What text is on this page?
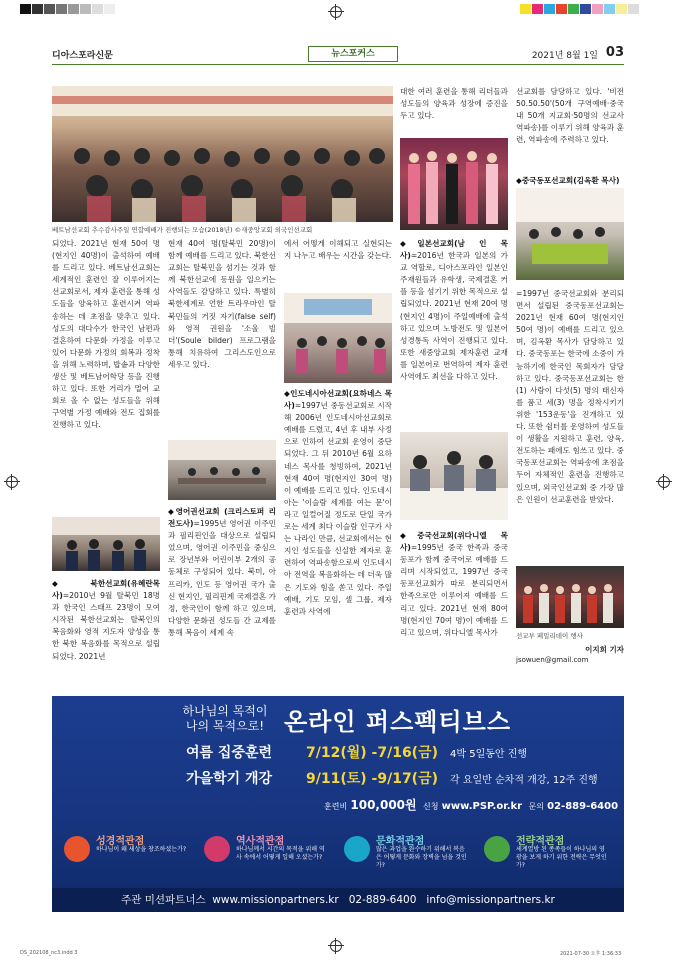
디아스포라신문	뉴스포커스	2021년 8월 1일 03
베트남선교회 추수감사주일 연합예배가 진행되는 모습(2018년) ©새중앙교회 외국인선교회
되었다. 2021년 현재 50여 명(현지인 40명)이 출석하여 예배를 드리고 있다. 베트남선교회는 세계적인 훈련인 잘 이루어지는 선교회로서, 제자 훈련을 통해 성도들을 양육하고 훈련시켜 역파송하는 데 초점을 맞추고 있다. 성도의 대다수가 한국인 남편과 결혼하여 다문화 가정을 이루고 있어 다문화 가정의 회복과 정착을 위해 노력하며, 밥솥과 다양한 생산 및 베트남어학당 등을 진행하고 있다. 또한 거리가 멀어 교회로 올 수 없는 성도들을 위해 구역별 가정 예배와 전도 집회를 진행하고 있다.
◆북한선교회(유혜란목사)=2010년 9월 탈북민 18명과 한국인 스태프 23명이 모여 시작된 북한선교회는 탈북인의 복음화와 영적 지도자 양성을 통한 북한 복음화를 목적으로 설립되었다. 2021년
현재 40여 명(탈북민 20명)이 함께 예배를 드리고 있다. 북한선교회는 탈북민을 섬기는 것과 함께 북한선교에 동원을 일으키는 사역들도 감당하고 있다. 특별히 북한세계로 언한 트라우마인 탈북민들의 거짓 자기(false self)와 영적 권원을 '소울 빌더'(Soule bilder) 프로그램을 통해 치유하여 그리스도인으로 세우고 있다.
◆영어권선교회 (크리스토퍼 리 전도사)=1995년 영어권 이주민과 필리핀인을 대상으로 설립되었으며, 영어권 이주민을 중심으로 장년부와 어린이부 2개의 공동체로 구성되어 있다. 북미, 아프리카, 인도 등 영어권 국가 출신 현지인, 필리핀계 국제결혼 가정, 한국인이 함께 하고 있으며, 다양한 문화권 성도들 간 교제를 통해 복음이 세계 속
에서 어떻게 이해되고 실현되는지 나누고 배우는 시간을 갖는다.
◆인도네시아선교회(요하네스 목사)=1997년 중동선교회로 시작해 2006년 인도네시아선교회로 예배를 드렸고, 4년 후 내부 사정으로 인하여 선교회 운영이 중단되었다. 그 뒤 2010년 6월 요하네스 목사를 청빙하여, 2021년 현재 40여 명(현지인 30여 명)이 예배를 드리고 있다. 인도네시아는 '이슬람 세계를 여는 문'이라고 일컬어질 정도로 단일 국가로는 세계 최다 이슬람 인구가 사는 나라인 만큼, 선교회에서는 현지인 성도들을 신실한 제자로 훈련하여 역파송함으로써 인도네시아 전역을 복음화하는 데 더욱 많은 기도와 힘을 쏟고 있다. 주일예배, 기도 모임, 셀 그룹, 제자 훈련과 사역에
대한 여러 훈련을 통해 리더들과 성도들의 양육과 성장에 증진을 두고 있다.
◆일본선교회(남 인 목사)=2016년 한국과 일본의 가교 역할로, 디아스포라인 일본인 주재원들과 유학생, 국제결혼 커플 등을 섬기기 위한 목적으로 설립되었다. 2021년 현재 20여 명(현지인 4명)이 주일예배에 출석하고 있으며 노방전도 및 일본어 성경통독 사역이 진행되고 있다. 또한 새중앙교회 제자훈련 교재를 일본어로 번역하여 제자 훈련 사역에도 최선을 다하고 있다.
◆중국선교회(위다니엘 목사)=1995년 중국 한족과 중국동포가 함께 중국어로 예배를 드리며 시작되었고, 1997년 중국동포선교회가 따로 분리되면서 한족으로만 이루어져 예배를 드리고 있다. 2021년 현재 80여 명(현지인 70여 명)이 예배를 드리고 있으며, 위다니엘 목사가
선교회를 담당하고 있다. '비전 50.50.50'(50개 구역예배·중국 내 50개 지교회·50명의 선교사 역파송)를 이루기 위해 양육과 훈련, 역파송에 주력하고 있다.
◆중국동포선교회(김옥환 목사)
=1997년 중국선교회와 분리되면서 설립된 중국동포선교회는 2021년 현재 60여 명(현지인 50여 명)이 예배를 드리고 있으며, 김옥환 목사가 담당하고 있다. 중국동포는 한국에 소중이 가능하기에 한국인 목회자가 담당하고 있다. 중국동포선교회는 한(1) 사람이 다섯(5) 명의 태신자를 품고 세(3) 명을 정착시키기 위한 '153운동'을 진개하고 있다. 또한 쉼터를 운영하여 성도들이 생활을 지원하고 훈련, 양육, 전도하는 패에도 힘쓰고 있다. 중국동포선교회는 역파송에 초점을 두어 자체적인 훈련을 진행하고 있으며, 외국인선교회 중 가장 많은 인원이 선교훈련을 받았다.
선교부 페밀리데이 행사
이지희 기자
jsowuen@gmail.com
하나님의 목적이
나의 목적으로! 온라인 퍼스펙티브스
여름 집중훈련 7/12(월) -7/16(금) 4박 5일동안 진행
가을학기 개강 9/11(토) -9/17(금) 각 요일반 순차적 개강, 12주 진행
훈련비 100,000원 신청 www.PSP.or.kr 문의 02-889-6400
성경적관점
하나님이 왜 세상을 창조하셨는가?
역사적관점
하나님께서 시간의 목적을 위해 역사 속에서 어떻게 일해 오셨는가?
문화적관점
많은 과업을 완수하기 위해서 복음은 어떻게 문화와 장벽을 넘을 것인가?
전략적관점
세계열방 된 종족들이 하나님의 영광을 보게 하기 위한 전략은 무엇인가?
주관 미션파트너스 www.missionpartners.kr 02-889-6400 info@missionpartners.kr
DS_202108_nc3.indd 3	2021-07-30 오후 1:36:33
